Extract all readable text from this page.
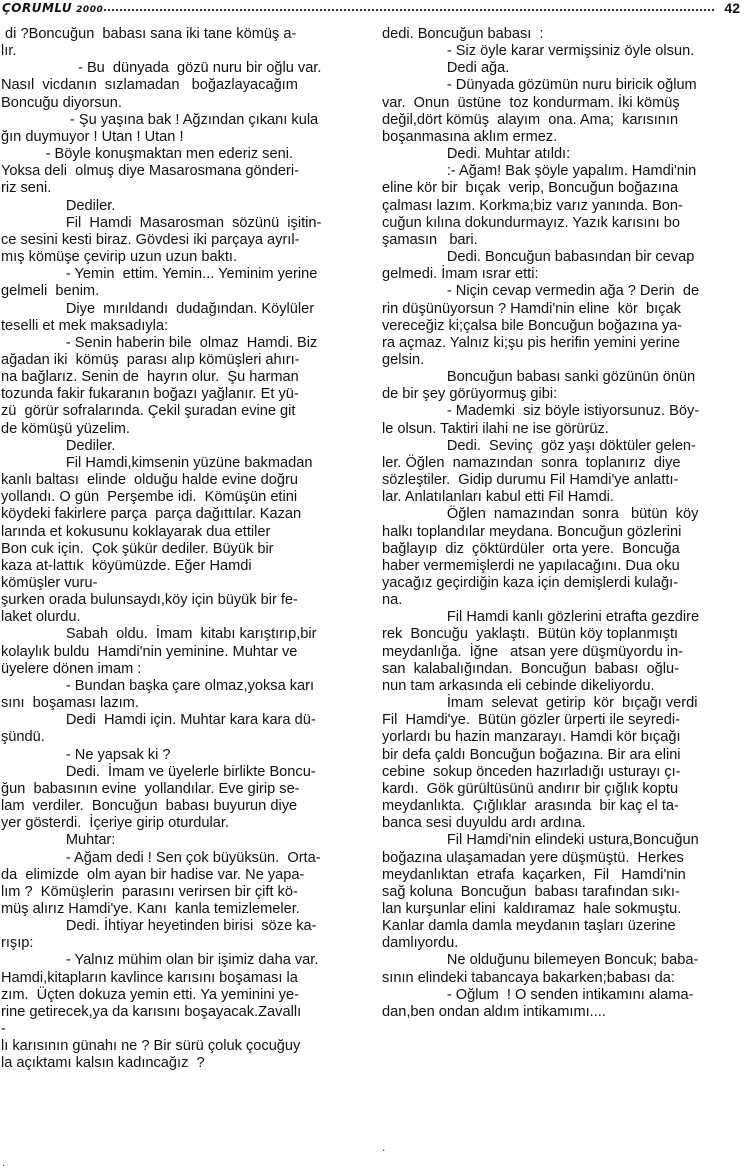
ÇORUMLU 2000	42

di ?Boncuğun  babası sana iki tane kömüş a-

lır.

- Bu  dünyada  gözü nuru bir oğlu var.

Nasıl  vicdanın  sızlamadan   boğazlayacağım

Boncuğu diyorsun.

- Şu yaşına bak ! Ağzından çıkanı kula

ğın duymuyor ! Utan ! Utan !

- Böyle konuşmaktan men ederiz seni.

Yoksa deli  olmuş diye Masarosmana gönderi-

riz seni.

Dediler.

Fil  Hamdi  Masarosman  sözünü  işitin-

ce sesini kesti biraz. Gövdesi iki parçaya ayrıl-

mış kömüşe çevirip uzun uzun baktı.

- Yemin  ettim. Yemin... Yeminim yerine

gelmeli  benim.

Diye  mırıldandı  dudağından. Köylüler

teselli et mek maksadıyla:

- Senin haberin bile  olmaz  Hamdi. Biz

ağadan iki  kömüş  parası alıp kömüşleri ahırı-

na bağlarız. Senin de  hayrın olur.  Şu harman

tozunda fakir fukaranın boğazı yağlanır. Et yü-

zü  görür sofralarında. Çekil şuradan evine git

de kömüşü yüzelim.

Dediler.

Fil Hamdi,kimsenin yüzüne bakmadan

kanlı baltası  elinde  olduğu halde evine doğru

yollandı. O gün  Perşembe idi.  Kömüşün etini

köydeki fakirlere parça  parça dağıttılar. Kazan

larında et kokusunu koklayarak dua ettiler

Bon cuk için.  Çok şükür dediler. Büyük bir

kaza at-lattık  köyümüzde. Eğer Hamdi

kömüşler vuru-

şurken orada bulunsaydı,köy için büyük bir fe-

laket olurdu.

Sabah  oldu.  İmam  kitabı karıştırıp,bir

kolaylık buldu  Hamdi'nin yeminine. Muhtar ve

üyelere dönen imam :

- Bundan başka çare olmaz,yoksa karı

sını  boşaması lazım.

Dedi  Hamdi için. Muhtar kara kara dü-

şündü.

- Ne yapsak ki ?

Dedi.  İmam ve üyelerle birlikte Boncu-

ğun  babasının evine  yollandılar. Eve girip se-

lam  verdiler.  Boncuğun  babası buyurun diye

yer gösterdi.  İçeriye girip oturdular.

Muhtar:

- Ağam dedi ! Sen çok büyüksün.  Orta-

da  elimizde  olm ayan bir hadise var. Ne yapa-

lım ?  Kömüşlerin  parasını verirsen bir çift kö-

müş alırız Hamdi'ye. Kanı  kanla temizlemeler.

Dedi. İhtiyar heyetinden birisi  söze ka-

rışıp:

- Yalnız mühim olan bir işimiz daha var.

Hamdi,kitapların kavlince karısını boşaması la

zım.  Üçten dokuza yemin etti. Ya yeminini ye-

rine getirecek,ya da karısını boşayacak.Zavallı

-

lı karısının günahı ne ? Bir sürü çoluk çocuğuy

la açıktamı kalsın kadıncağız  ?

dedi. Boncuğun babası  :

- Siz öyle karar vermişsiniz öyle olsun.

Dedi ağa.

- Dünyada gözümün nuru biricik oğlum

var.  Onun  üstüne  toz kondurmam. İki kömüş

değil,dört kömüş  alayım  ona. Ama;  karısının

boşanmasına aklım ermez.

Dedi. Muhtar atıldı:

:- Ağam! Bak şöyle yapalım. Hamdi'nin

eline kör bir  bıçak  verip, Boncuğun boğazına

çalması lazım. Korkma;biz varız yanında. Bon-

cuğun kılına dokundurmayız. Yazık karısını bo

şamasın   bari.

Dedi. Boncuğun babasından bir cevap

gelmedi. İmam ısrar etti:

- Niçin cevap vermedin ağa ? Derin  de

rin düşünüyorsun ? Hamdi'nin eline  kör  bıçak

vereceğiz ki;çalsa bile Boncuğun boğazına ya-

ra açmaz. Yalnız ki;şu pis herifin yemini yerine

gelsin.

Boncuğun babası sanki gözünün önün

de bir şey görüyormuş gibi:

- Mademki  siz böyle istiyorsunuz. Böy-

le olsun. Taktiri ilahi ne ise görürüz.

Dedi.  Sevinç  göz yaşı döktüler gelen-

ler. Öğlen  namazından  sonra  toplanırız  diye

sözleştiler.  Gidip durumu Fil Hamdi'ye anlattı-

lar. Anlatılanları kabul etti Fil Hamdi.

Öğlen  namazından  sonra   bütün  köy

halkı toplandılar meydana. Boncuğun gözlerini

bağlayıp  diz  çöktürdüler  orta yere.  Boncuğa

haber vermemişlerdi ne yapılacağını. Dua oku

yacağız geçirdiğin kaza için demişlerdi kulağı-

na.

Fil Hamdi kanlı gözlerini etrafta gezdire

rek  Boncuğu  yaklaştı.  Bütün köy toplanmıştı

meydanlığa.  İğne   atsan yere düşmüyordu in-

san  kalabalığından.  Boncuğun  babası  oğlu-

nun tam arkasında eli cebinde dikeliyordu.

İmam  selevat  getirip  kör  bıçağı verdi

Fil  Hamdi'ye.  Bütün gözler ürperti ile seyredi-

yorlardı bu hazin manzarayı. Hamdi kör bıçağı

bir defa çaldı Boncuğun boğazına. Bir ara elini

cebine  sokup önceden hazırladığı usturayı çı-

kardı.  Gök gürültüsünü andırır bir çığlık koptu

meydanlıkta.  Çığlıklar  arasında  bir kaç el ta-

banca sesi duyuldu ardı ardına.

Fil Hamdi'nin elindeki ustura,Boncuğun

boğazına ulaşamadan yere düşmüştü.  Herkes

meydanlıktan  etrafa  kaçarken,  Fil   Hamdi'nin

sağ koluna  Boncuğun  babası tarafından sıkı-

lan kurşunlar elini  kaldıramaz  hale sokmuştu.

Kanlar damla damla meydanın taşları üzerine

damlıyordu.

Ne olduğunu bilemeyen Boncuk; baba-

sının elindeki tabancaya bakarken;babası da:

- Oğlum  ! O senden intikamını alama-

dan,ben ondan aldım intikamımı....

.
.
